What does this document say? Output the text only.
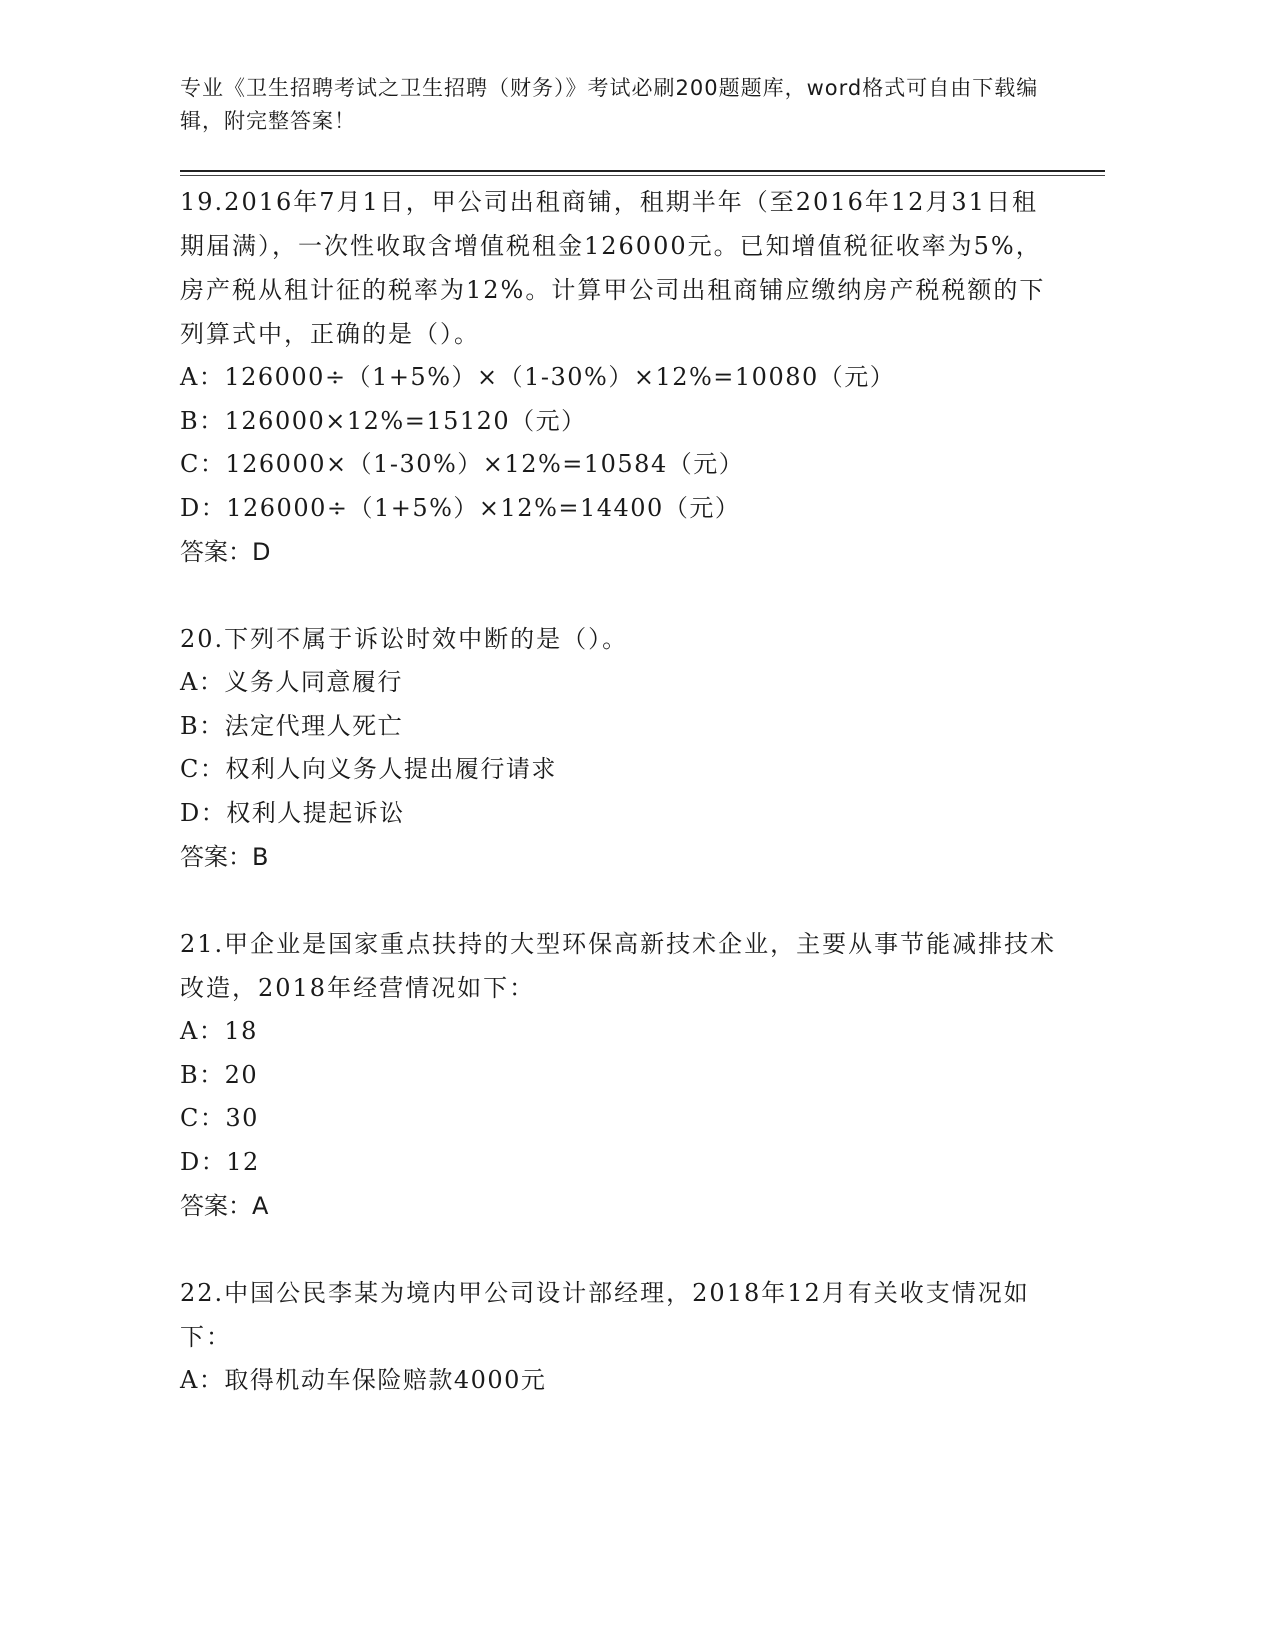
专业《卫生招聘考试之卫生招聘（财务）》考试必刷200题题库，word格式可自由下载编辑，附完整答案！

19.2016年7月1日，甲公司出租商铺，租期半年（至2016年12月31日租期届满），一次性收取含增值税租金126000元。已知增值税征收率为5%，房产税从租计征的税率为12%。计算甲公司出租商铺应缴纳房产税税额的下列算式中，正确的是（）。

A：126000÷（1+5%）×（1-30%）×12%=10080（元）

B：126000×12%=15120（元）

C：126000×（1-30%）×12%=10584（元）

D：126000÷（1+5%）×12%=14400（元）

答案：D

20.下列不属于诉讼时效中断的是（）。

A：义务人同意履行

B：法定代理人死亡

C：权利人向义务人提出履行请求

D：权利人提起诉讼

答案：B

21.甲企业是国家重点扶持的大型环保高新技术企业，主要从事节能减排技术改造，2018年经营情况如下：

A：18

B：20

C：30

D：12

答案：A

22.中国公民李某为境内甲公司设计部经理，2018年12月有关收支情况如下：

A：取得机动车保险赔款4000元
